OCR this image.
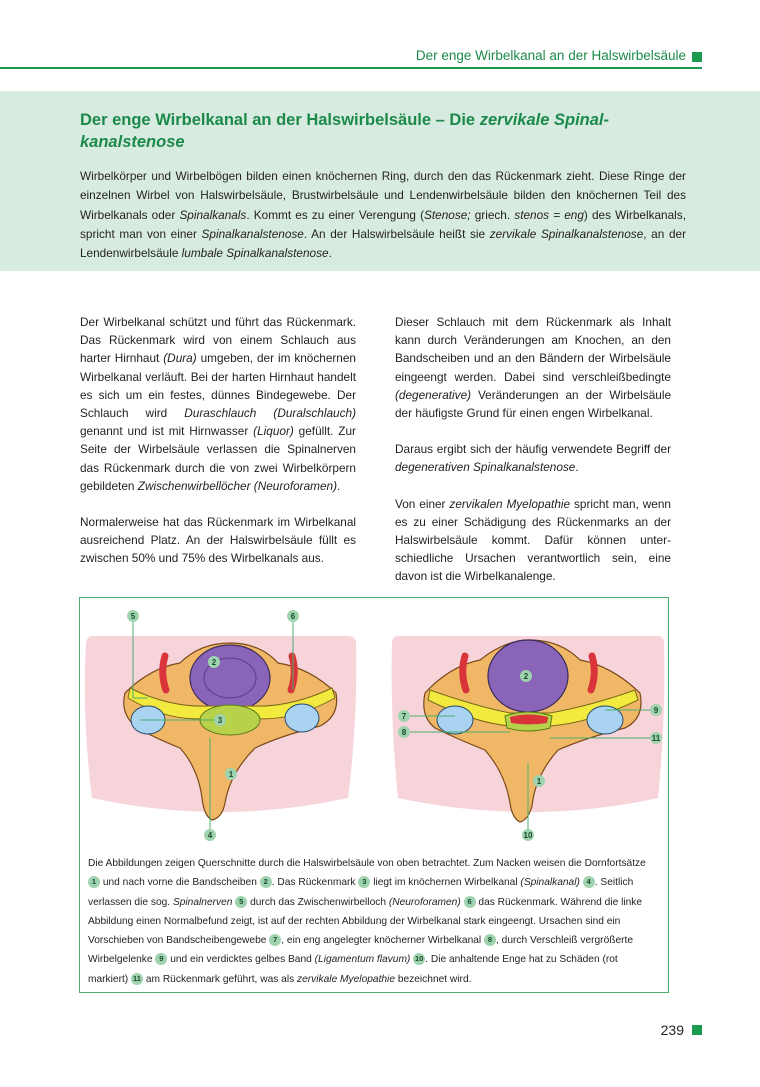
Der enge Wirbelkanal an der Halswirbelsäule
Der enge Wirbelkanal an der Halswirbelsäule – Die zervikale Spinalkanalstenose

Wirbelkörper und Wirbelbögen bilden einen knöchernen Ring, durch den das Rückenmark zieht. Diese Ringe der einzelnen Wirbel von Halswirbelsäule, Brustwirbelsäule und Lendenwirbelsäule bilden den knöchernen Teil des Wirbelkanals oder Spinalkanals. Kommt es zu einer Verengung (Stenose; griech. stenos = eng) des Wirbelkanals, spricht man von einer Spinalkanalstenose. An der Halswirbelsäule heißt sie zervikale Spinalkanalstenose, an der Lendenwirbelsäule lumbale Spinalkanalstenose.

Der Wirbelkanal schützt und führt das Rückenmark. Das Rückenmark wird von einem Schlauch aus harter Hirnhaut (Dura) umgeben, der im knöchernen Wirbelkanal verläuft. Bei der harten Hirnhaut handelt es sich um ein festes, dünnes Bindegewebe. Der Schlauch wird Duraschlauch (Duralschlauch) genannt und ist mit Hirnwasser (Liquor) gefüllt. Zur Seite der Wirbelsäule verlassen die Spinalnerven das Rückenmark durch die von zwei Wirbelkörpern gebildeten Zwischenwirbellöcher (Neuroforamen).

Normalerweise hat das Rückenmark im Wirbelkanal ausreichend Platz. An der Halswirbelsäule füllt es zwischen 50% und 75% des Wirbelkanals aus.

Dieser Schlauch mit dem Rückenmark als Inhalt kann durch Veränderungen am Knochen, an den Bandscheiben und an den Bändern der Wirbelsäule eingeengt werden. Dabei sind verschleißbedingte (degenerative) Veränderungen an der Wirbelsäule der häufigste Grund für einen engen Wirbelkanal.

Daraus ergibt sich der häufig verwendete Begriff der degenerativen Spinalkanalstenose.

Von einer zervikalen Myelopathie spricht man, wenn es zu einer Schädigung des Rückenmarks an der Halswirbelsäule kommt. Dafür können unterschiedliche Ursachen verantwortlich sein, eine davon ist die Wirbelkanalenge.

5	6
2
3
1
4
2
7
8
9
11
1
10
Die Abbildungen zeigen Querschnitte durch die Halswirbelsäule von oben betrachtet. Zum Nacken weisen die Dornfortsätze 1 und nach vorne die Bandscheiben 2 . Das Rückenmark 3 liegt im knöchernen Wirbelkanal (Spinalkanal) 4 . Seitlich verlassen die sog. Spinalnerven 5 durch das Zwischenwirbelloch (Neuroforamen) 6 das Rückenmark. Während die linke Abbildung einen Normalbefund zeigt, ist auf der rechten Abbildung der Wirbelkanal stark eingeengt. Ursachen sind ein Vorschieben von Bandscheibengewebe 7 , ein eng angelegter knöcherner Wirbelkanal 8 , durch Verschleiß vergrößerte Wirbelgelenke 9 und ein verdicktes gelbes Band (Ligamentum flavum) 10 . Die anhaltende Enge hat zu Schäden (rot markiert) 11 am Rückenmark geführt, was als zervikale Myelopathie bezeichnet wird.
239
